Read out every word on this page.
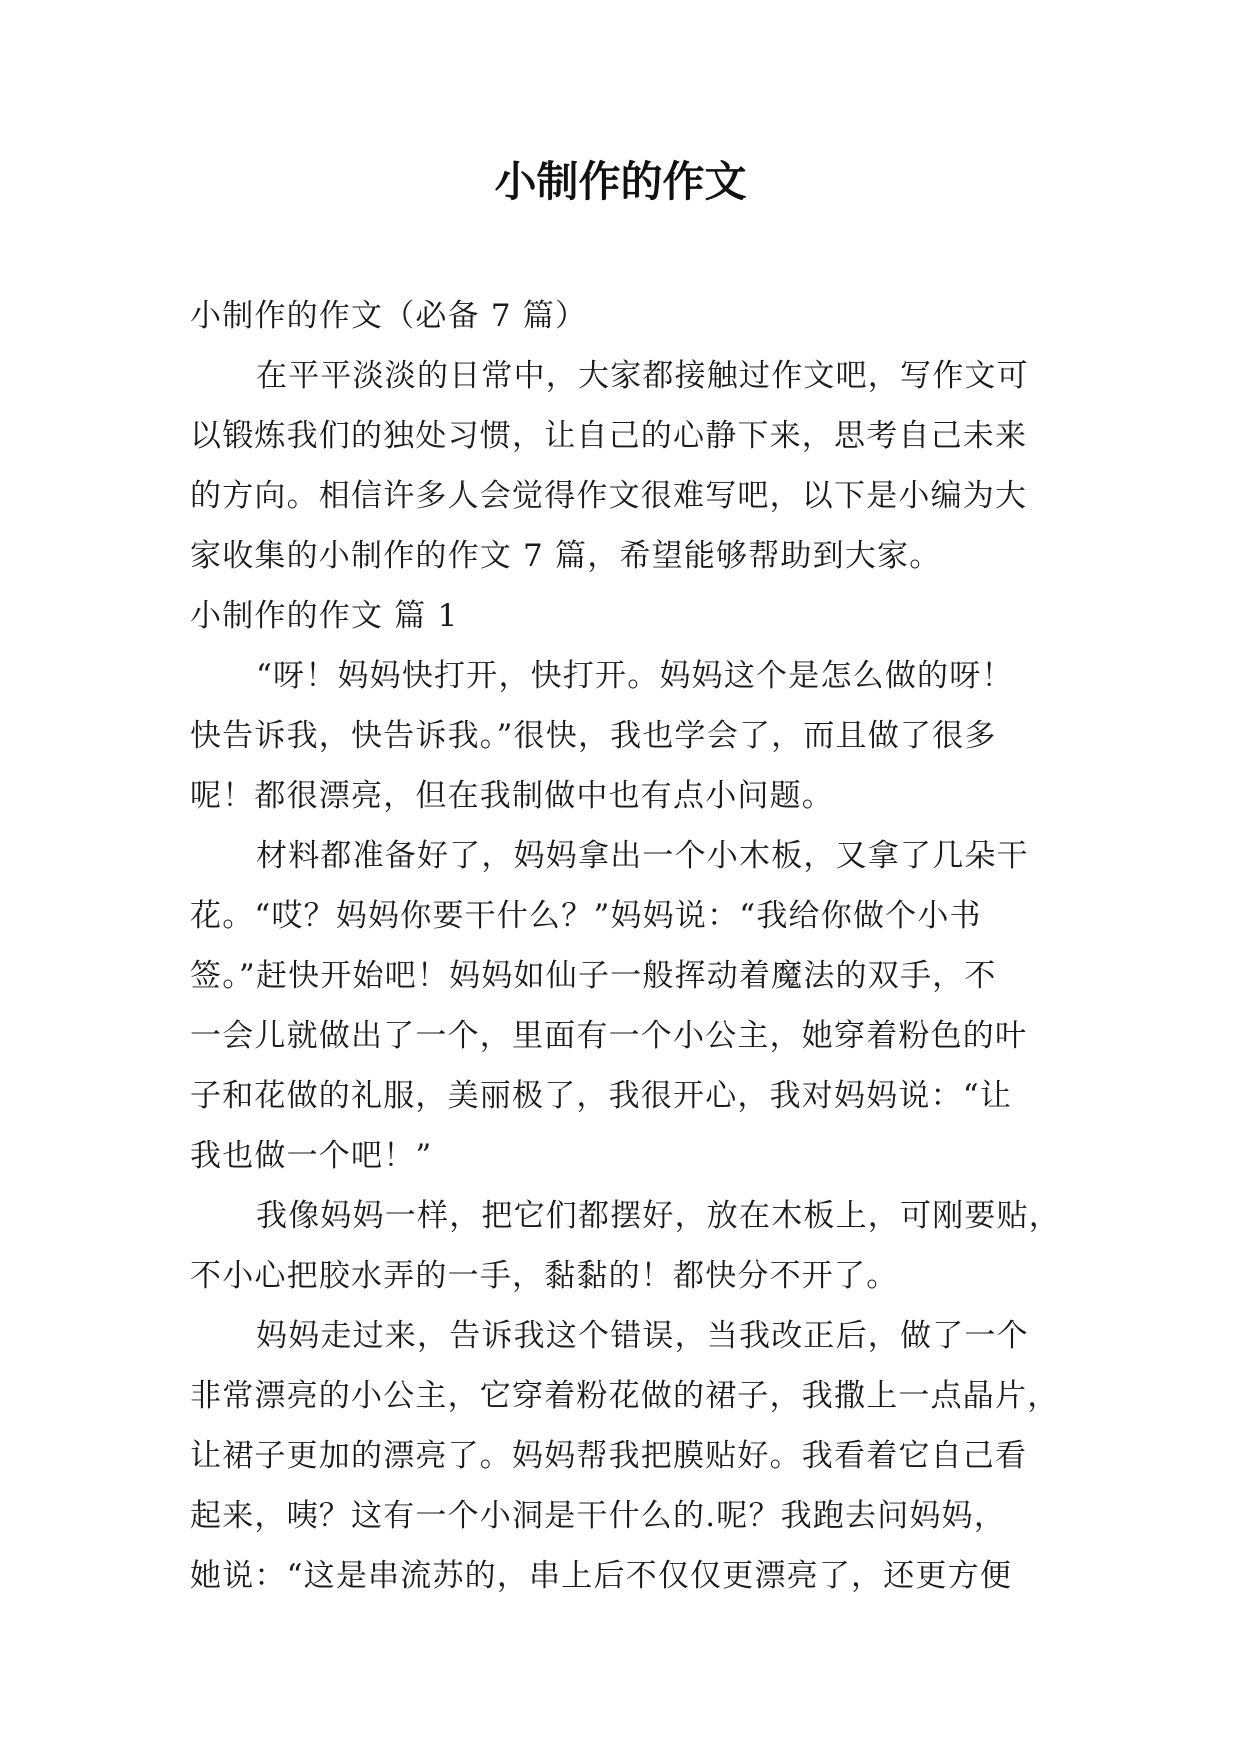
小制作的作文

小制作的作文（必备 7 篇）

在平平淡淡的日常中，大家都接触过作文吧，写作文可

以锻炼我们的独处习惯，让自己的心静下来，思考自己未来

的方向。相信许多人会觉得作文很难写吧，以下是小编为大

家收集的小制作的作文 7 篇，希望能够帮助到大家。

小制作的作文 篇 1

“呀！妈妈快打开，快打开。妈妈这个是怎么做的呀！

快告诉我，快告诉我。”很快，我也学会了，而且做了很多

呢！都很漂亮，但在我制做中也有点小问题。

材料都准备好了，妈妈拿出一个小木板，又拿了几朵干

花。“哎？妈妈你要干什么？”妈妈说：“我给你做个小书

签。”赶快开始吧！妈妈如仙子一般挥动着魔法的双手，不

一会儿就做出了一个，里面有一个小公主，她穿着粉色的叶

子和花做的礼服，美丽极了，我很开心，我对妈妈说：“让

我也做一个吧！”

我像妈妈一样，把它们都摆好，放在木板上，可刚要贴，

不小心把胶水弄的一手，黏黏的！都快分不开了。

妈妈走过来，告诉我这个错误，当我改正后，做了一个

非常漂亮的小公主，它穿着粉花做的裙子，我撒上一点晶片，

让裙子更加的漂亮了。妈妈帮我把膜贴好。我看着它自己看

起来，咦？这有一个小洞是干什么的.呢？我跑去问妈妈，

她说：“这是串流苏的，串上后不仅仅更漂亮了，还更方便
